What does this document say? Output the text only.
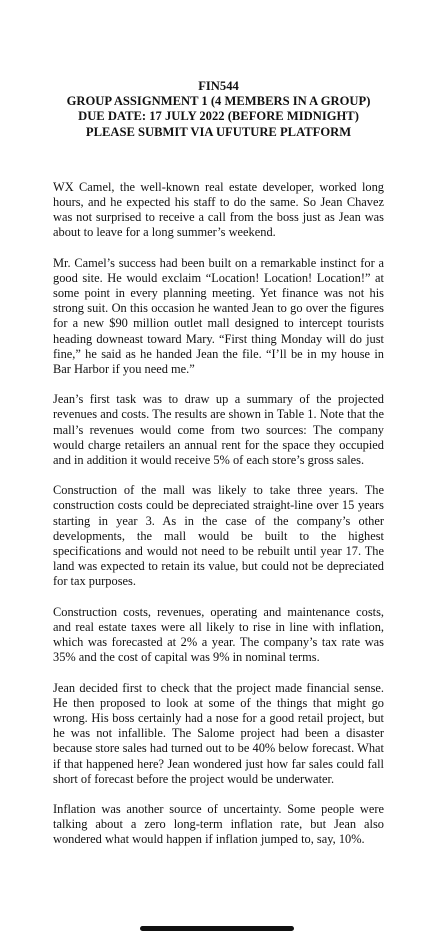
FIN544
GROUP ASSIGNMENT 1 (4 MEMBERS IN A GROUP)
DUE DATE: 17 JULY 2022 (BEFORE MIDNIGHT)
PLEASE SUBMIT VIA UFUTURE PLATFORM

WX Camel, the well-known real estate developer, worked long hours, and he expected his staff to do the same. So Jean Chavez was not surprised to receive a call from the boss just as Jean was about to leave for a long summer’s weekend.

Mr. Camel’s success had been built on a remarkable instinct for a good site. He would exclaim “Location! Location! Location!” at some point in every planning meeting. Yet finance was not his strong suit. On this occasion he wanted Jean to go over the figures for a new $90 million outlet mall designed to intercept tourists heading downeast toward Mary. “First thing Monday will do just fine,” he said as he handed Jean the file. “I’ll be in my house in Bar Harbor if you need me.”

Jean’s first task was to draw up a summary of the projected revenues and costs. The results are shown in Table 1. Note that the mall’s revenues would come from two sources: The company would charge retailers an annual rent for the space they occupied and in addition it would receive 5% of each store’s gross sales.

Construction of the mall was likely to take three years. The construction costs could be depreciated straight-line over 15 years starting in year 3. As in the case of the company’s other developments, the mall would be built to the highest specifications and would not need to be rebuilt until year 17. The land was expected to retain its value, but could not be depreciated for tax purposes.

Construction costs, revenues, operating and maintenance costs, and real estate taxes were all likely to rise in line with inflation, which was forecasted at 2% a year. The company’s tax rate was 35% and the cost of capital was 9% in nominal terms.

Jean decided first to check that the project made financial sense. He then proposed to look at some of the things that might go wrong. His boss certainly had a nose for a good retail project, but he was not infallible. The Salome project had been a disaster because store sales had turned out to be 40% below forecast. What if that happened here? Jean wondered just how far sales could fall short of forecast before the project would be underwater.

Inflation was another source of uncertainty. Some people were talking about a zero long-term inflation rate, but Jean also wondered what would happen if inflation jumped to, say, 10%.
